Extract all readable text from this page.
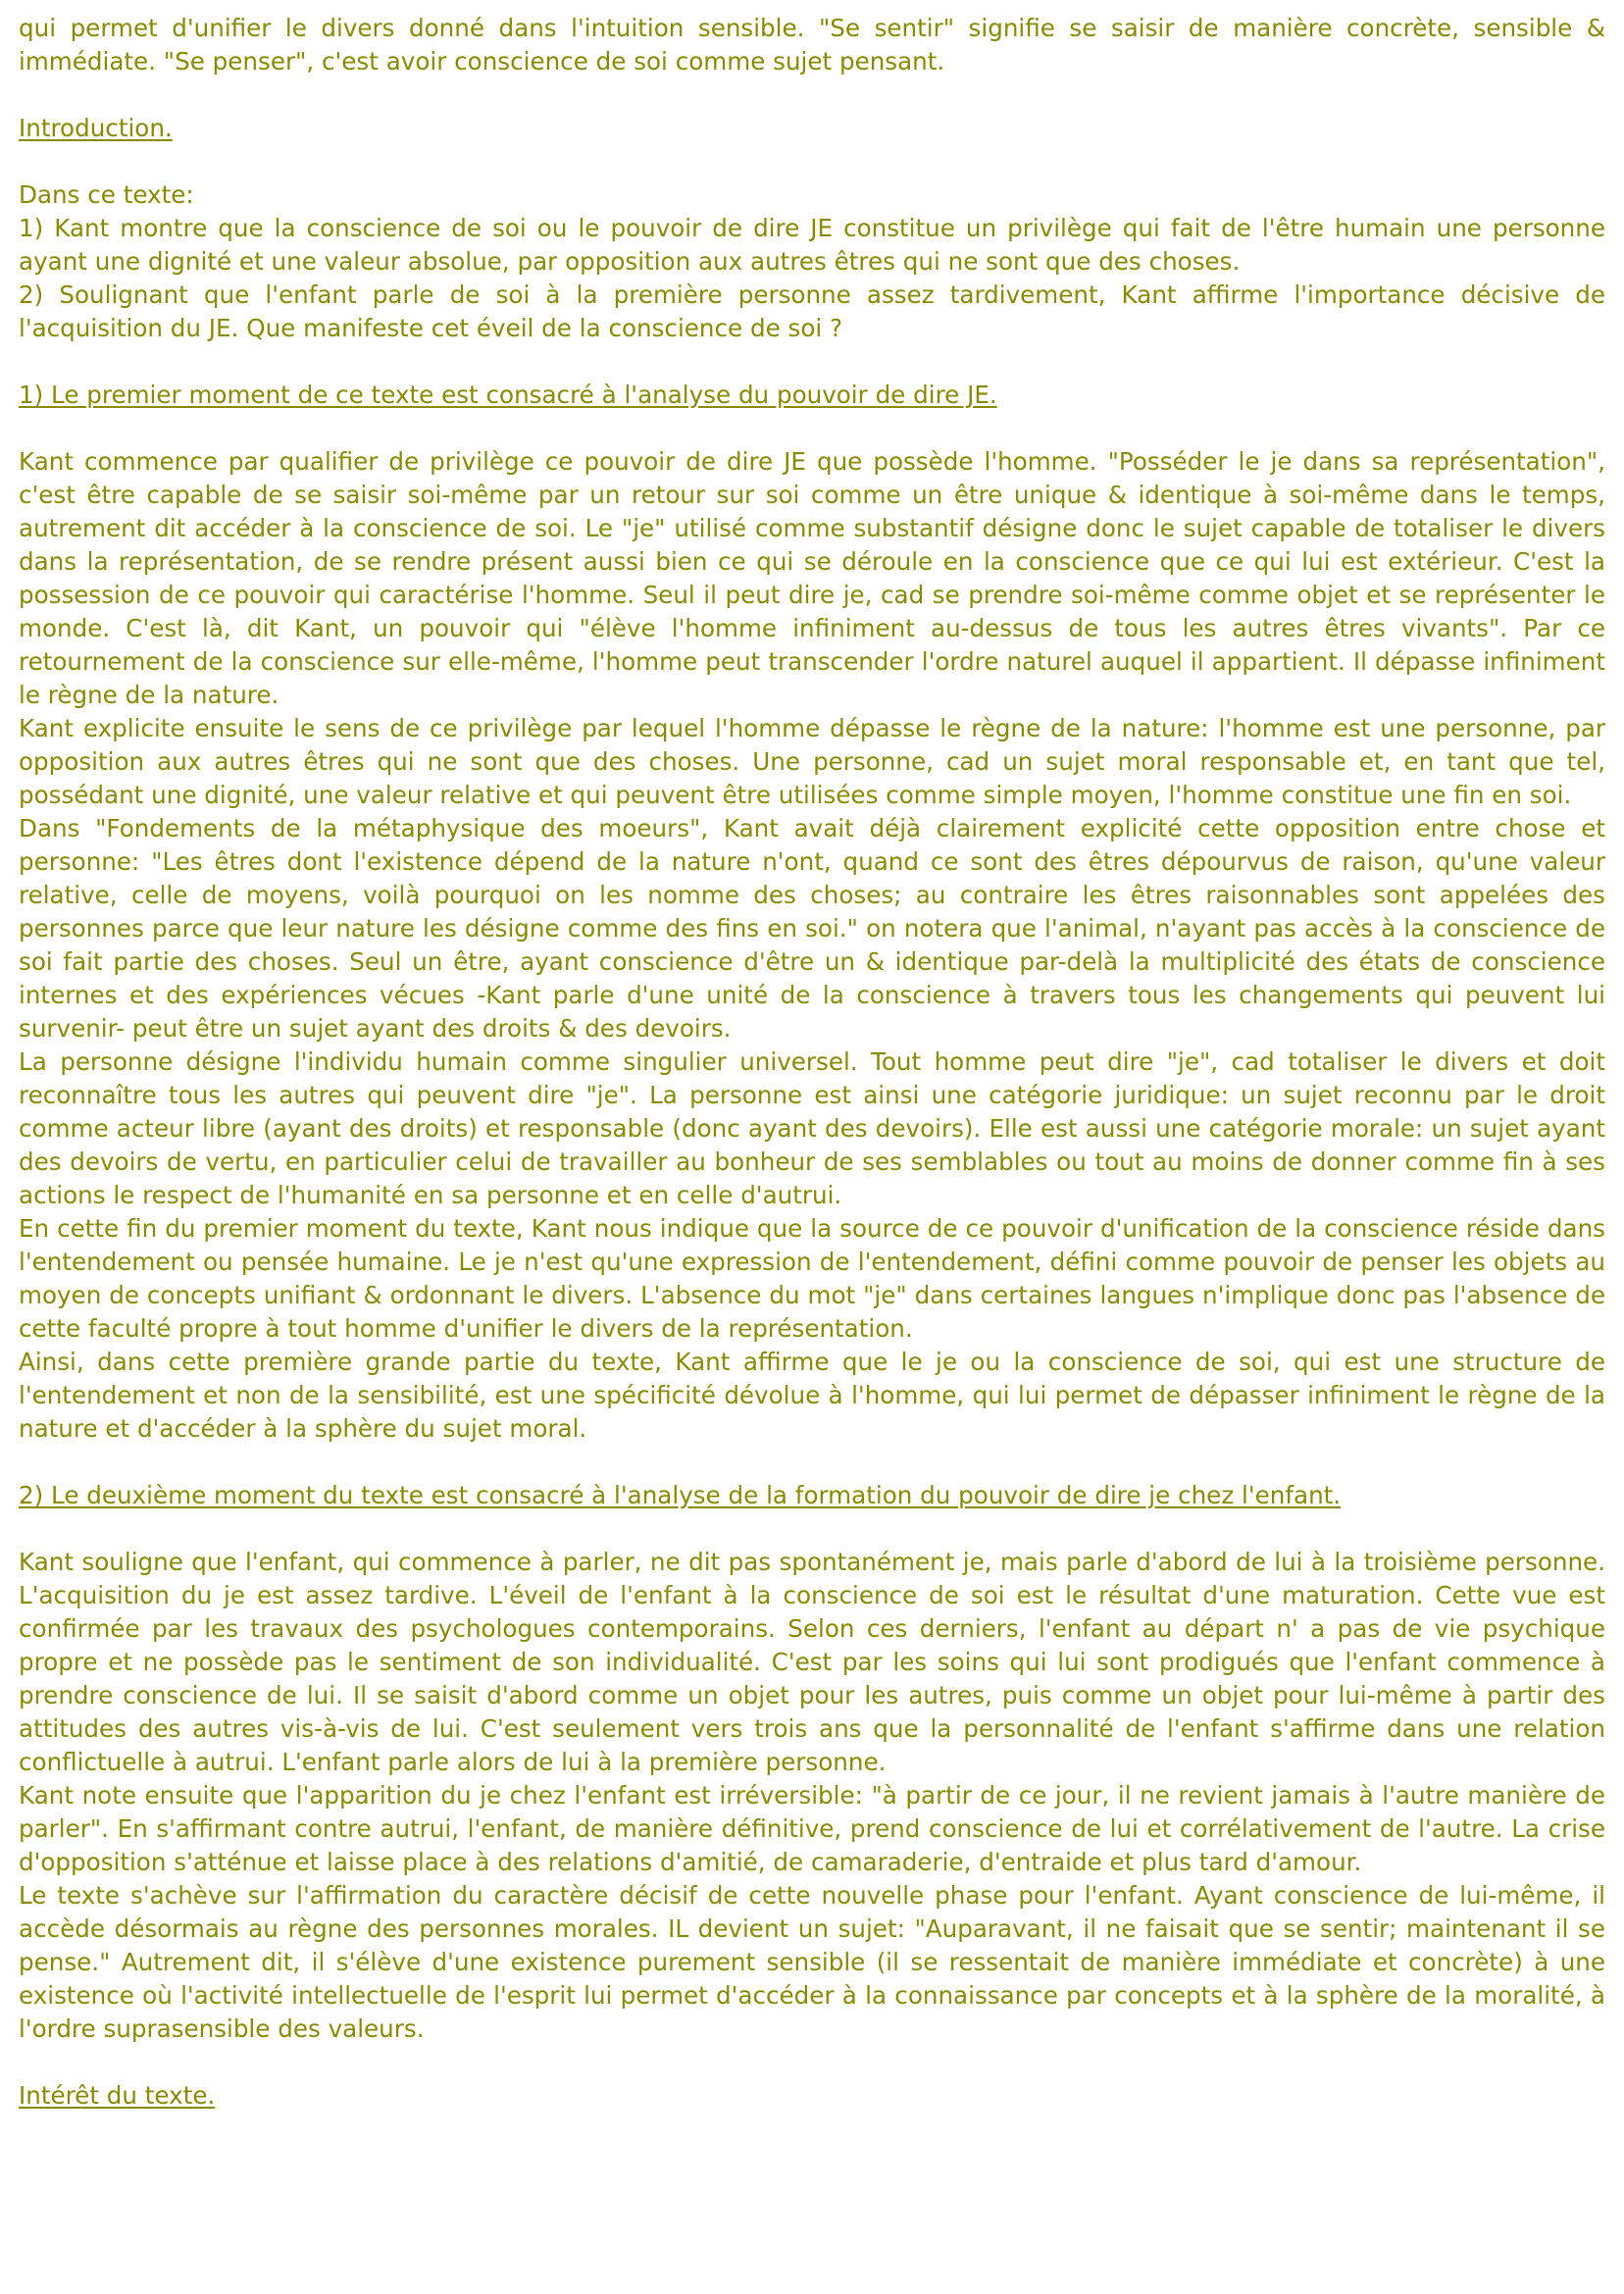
qui permet d'unifier le divers donné dans l'intuition sensible. "Se sentir" signifie se saisir de manière concrète, sensible & immédiate. "Se penser", c'est avoir conscience de soi comme sujet pensant.

Introduction.

Dans ce texte:

1) Kant montre que la conscience de soi ou le pouvoir de dire JE constitue un privilège qui fait de l'être humain une personne ayant une dignité et une valeur absolue, par opposition aux autres êtres qui ne sont que des choses.

2) Soulignant que l'enfant parle de soi à la première personne assez tardivement, Kant affirme l'importance décisive de l'acquisition du JE. Que manifeste cet éveil de la conscience de soi ?

1) Le premier moment de ce texte est consacré à l'analyse du pouvoir de dire JE.

Kant commence par qualifier de privilège ce pouvoir de dire JE que possède l'homme. "Posséder le je dans sa représentation", c'est être capable de se saisir soi-même par un retour sur soi comme un être unique & identique à soi-même dans le temps, autrement dit accéder à la conscience de soi. Le "je" utilisé comme substantif désigne donc le sujet capable de totaliser le divers dans la représentation, de se rendre présent aussi bien ce qui se déroule en la conscience que ce qui lui est extérieur. C'est la possession de ce pouvoir qui caractérise l'homme. Seul il peut dire je, cad se prendre soi-même comme objet et se représenter le monde. C'est là, dit Kant, un pouvoir qui "élève l'homme infiniment au-dessus de tous les autres êtres vivants". Par ce retournement de la conscience sur elle-même, l'homme peut transcender l'ordre naturel auquel il appartient. Il dépasse infiniment le règne de la nature.

Kant explicite ensuite le sens de ce privilège par lequel l'homme dépasse le règne de la nature: l'homme est une personne, par opposition aux autres êtres qui ne sont que des choses. Une personne, cad un sujet moral responsable et, en tant que tel, possédant une dignité, une valeur relative et qui peuvent être utilisées comme simple moyen, l'homme constitue une fin en soi.

Dans "Fondements de la métaphysique des moeurs", Kant avait déjà clairement explicité cette opposition entre chose et personne: "Les êtres dont l'existence dépend de la nature n'ont, quand ce sont des êtres dépourvus de raison, qu'une valeur relative, celle de moyens, voilà pourquoi on les nomme des choses; au contraire les êtres raisonnables sont appelées des personnes parce que leur nature les désigne comme des fins en soi." on notera que l'animal, n'ayant pas accès à la conscience de soi fait partie des choses. Seul un être, ayant conscience d'être un & identique par-delà la multiplicité des états de conscience internes et des expériences vécues -Kant parle d'une unité de la conscience à travers tous les changements qui peuvent lui survenir- peut être un sujet ayant des droits & des devoirs.

La personne désigne l'individu humain comme singulier universel. Tout homme peut dire "je", cad totaliser le divers et doit reconnaître tous les autres qui peuvent dire "je". La personne est ainsi une catégorie juridique: un sujet reconnu par le droit comme acteur libre (ayant des droits) et responsable (donc ayant des devoirs). Elle est aussi une catégorie morale: un sujet ayant des devoirs de vertu, en particulier celui de travailler au bonheur de ses semblables ou tout au moins de donner comme fin à ses actions le respect de l'humanité en sa personne et en celle d'autrui.

En cette fin du premier moment du texte, Kant nous indique que la source de ce pouvoir d'unification de la conscience réside dans l'entendement ou pensée humaine. Le je n'est qu'une expression de l'entendement, défini comme pouvoir de penser les objets au moyen de concepts unifiant & ordonnant le divers. L'absence du mot "je" dans certaines langues n'implique donc pas l'absence de cette faculté propre à tout homme d'unifier le divers de la représentation.

Ainsi, dans cette première grande partie du texte, Kant affirme que le je ou la conscience de soi, qui est une structure de l'entendement et non de la sensibilité, est une spécificité dévolue à l'homme, qui lui permet de dépasser infiniment le règne de la nature et d'accéder à la sphère du sujet moral.

2) Le deuxième moment du texte est consacré à l'analyse de la formation du pouvoir de dire je chez l'enfant.

Kant souligne que l'enfant, qui commence à parler, ne dit pas spontanément je, mais parle d'abord de lui à la troisième personne. L'acquisition du je est assez tardive. L'éveil de l'enfant à la conscience de soi est le résultat d'une maturation. Cette vue est confirmée par les travaux des psychologues contemporains. Selon ces derniers, l'enfant au départ n' a pas de vie psychique propre et ne possède pas le sentiment de son individualité. C'est par les soins qui lui sont prodigués que l'enfant commence à prendre conscience de lui. Il se saisit d'abord comme un objet pour les autres, puis comme un objet pour lui-même à partir des attitudes des autres vis-à-vis de lui. C'est seulement vers trois ans que la personnalité de l'enfant s'affirme dans une relation conflictuelle à autrui. L'enfant parle alors de lui à la première personne.

Kant note ensuite que l'apparition du je chez l'enfant est irréversible: "à partir de ce jour, il ne revient jamais à l'autre manière de parler". En s'affirmant contre autrui, l'enfant, de manière définitive, prend conscience de lui et corrélativement de l'autre. La crise d'opposition s'atténue et laisse place à des relations d'amitié, de camaraderie, d'entraide et plus tard d'amour.

Le texte s'achève sur l'affirmation du caractère décisif de cette nouvelle phase pour l'enfant. Ayant conscience de lui-même, il accède désormais au règne des personnes morales. IL devient un sujet: "Auparavant, il ne faisait que se sentir; maintenant il se pense." Autrement dit, il s'élève d'une existence purement sensible (il se ressentait de manière immédiate et concrète) à une existence où l'activité intellectuelle de l'esprit lui permet d'accéder à la connaissance par concepts et à la sphère de la moralité, à l'ordre suprasensible des valeurs.

Intérêt du texte.
